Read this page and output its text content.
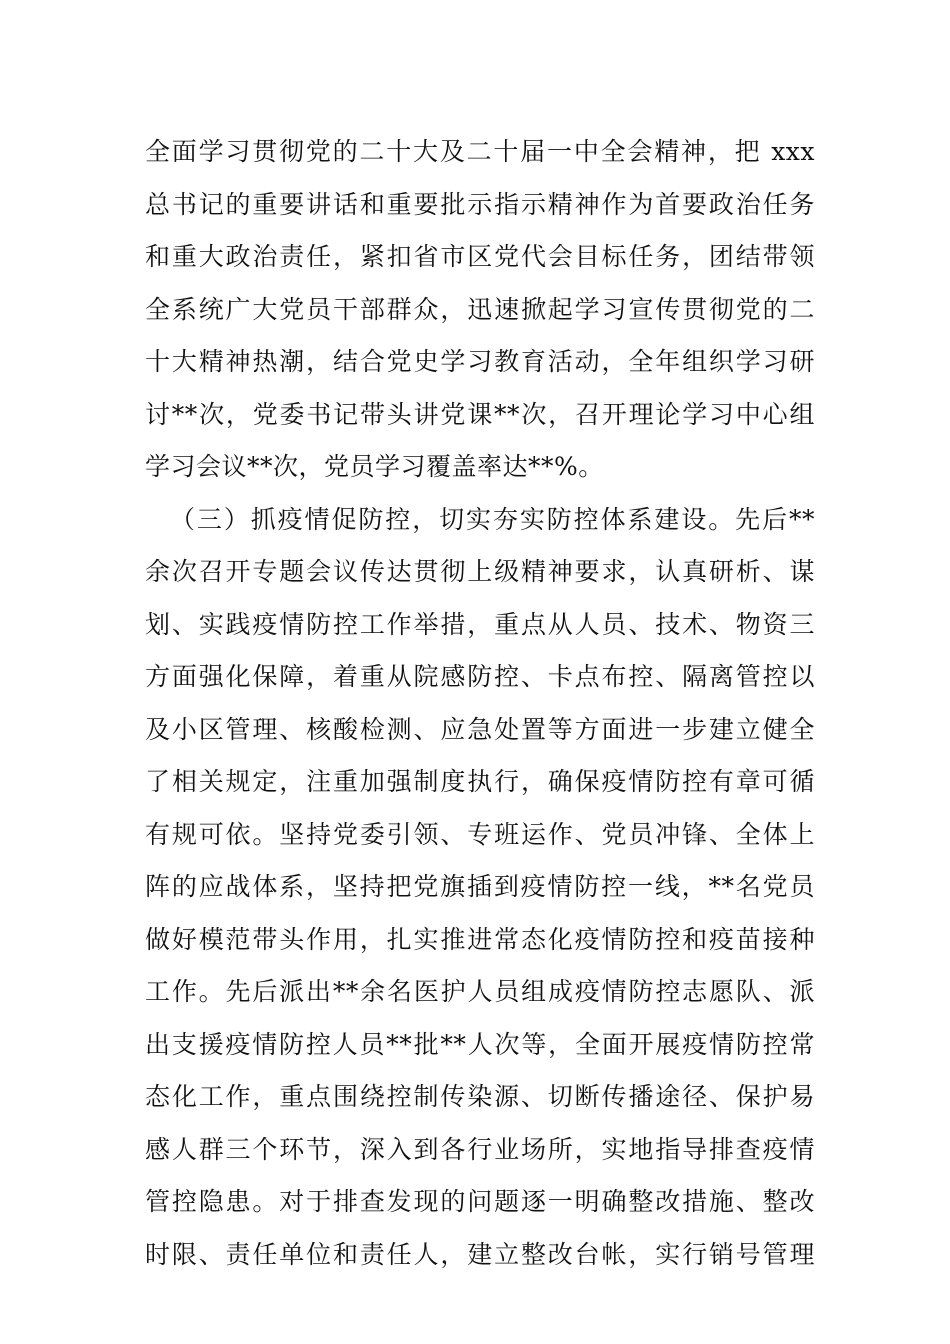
全面学习贯彻党的二十大及二十届一中全会精神，把 xxx
总书记的重要讲话和重要批示指示精神作为首要政治任务
和重大政治责任，紧扣省市区党代会目标任务，团结带领
全系统广大党员干部群众，迅速掀起学习宣传贯彻党的二
十大精神热潮，结合党史学习教育活动，全年组织学习研
讨**次，党委书记带头讲党课**次，召开理论学习中心组
学习会议**次，党员学习覆盖率达**%。
（三）抓疫情促防控，切实夯实防控体系建设。先后**
余次召开专题会议传达贯彻上级精神要求，认真研析、谋
划、实践疫情防控工作举措，重点从人员、技术、物资三
方面强化保障，着重从院感防控、卡点布控、隔离管控以
及小区管理、核酸检测、应急处置等方面进一步建立健全
了相关规定，注重加强制度执行，确保疫情防控有章可循
有规可依。坚持党委引领、专班运作、党员冲锋、全体上
阵的应战体系，坚持把党旗插到疫情防控一线，**名党员
做好模范带头作用，扎实推进常态化疫情防控和疫苗接种
工作。先后派出**余名医护人员组成疫情防控志愿队、派
出支援疫情防控人员**批**人次等，全面开展疫情防控常
态化工作，重点围绕控制传染源、切断传播途径、保护易
感人群三个环节，深入到各行业场所，实地指导排查疫情
管控隐患。对于排查发现的问题逐一明确整改措施、整改
时限、责任单位和责任人，建立整改台帐，实行销号管理
